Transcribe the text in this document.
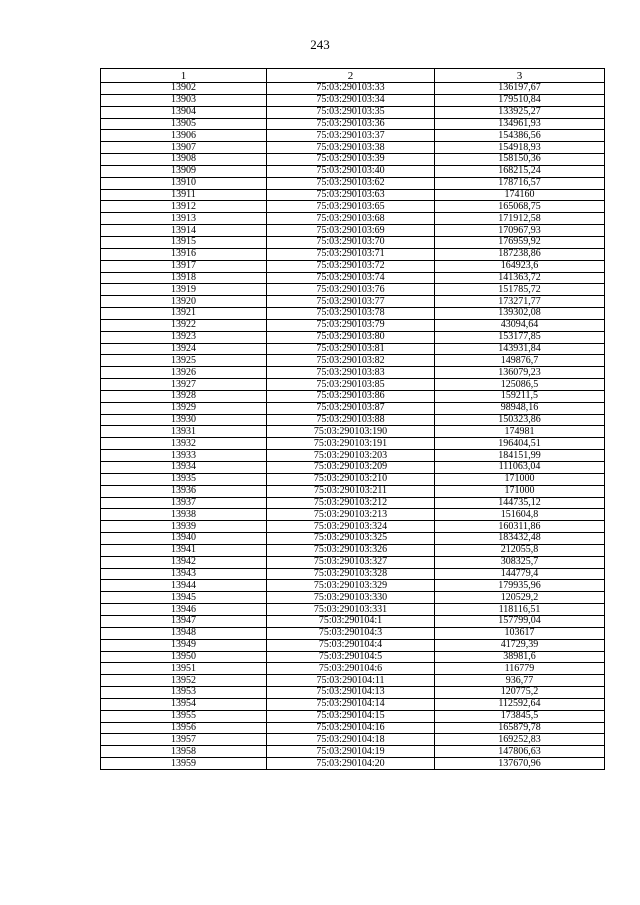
243
1	2	3
13902	75:03:290103:33	136197,67
13903	75:03:290103:34	179510,84
13904	75:03:290103:35	133925,27
13905	75:03:290103:36	134961,93
13906	75:03:290103:37	154386,56
13907	75:03:290103:38	154918,93
13908	75:03:290103:39	158150,36
13909	75:03:290103:40	168215,24
13910	75:03:290103:62	178716,57
13911	75:03:290103:63	174160
13912	75:03:290103:65	165068,75
13913	75:03:290103:68	171912,58
13914	75:03:290103:69	170967,93
13915	75:03:290103:70	176959,92
13916	75:03:290103:71	187238,86
13917	75:03:290103:72	164923,6
13918	75:03:290103:74	141363,72
13919	75:03:290103:76	151785,72
13920	75:03:290103:77	173271,77
13921	75:03:290103:78	139302,08
13922	75:03:290103:79	43094,64
13923	75:03:290103:80	153177,85
13924	75:03:290103:81	143931,84
13925	75:03:290103:82	149876,7
13926	75:03:290103:83	136079,23
13927	75:03:290103:85	125086,5
13928	75:03:290103:86	159211,5
13929	75:03:290103:87	98948,16
13930	75:03:290103:88	150323,86
13931	75:03:290103:190	174981
13932	75:03:290103:191	196404,51
13933	75:03:290103:203	184151,99
13934	75:03:290103:209	111063,04
13935	75:03:290103:210	171000
13936	75:03:290103:211	171000
13937	75:03:290103:212	144735,12
13938	75:03:290103:213	151604,8
13939	75:03:290103:324	160311,86
13940	75:03:290103:325	183432,48
13941	75:03:290103:326	212055,8
13942	75:03:290103:327	308325,7
13943	75:03:290103:328	144779,4
13944	75:03:290103:329	179935,96
13945	75:03:290103:330	120529,2
13946	75:03:290103:331	118116,51
13947	75:03:290104:1	157799,04
13948	75:03:290104:3	103617
13949	75:03:290104:4	41729,39
13950	75:03:290104:5	38981,6
13951	75:03:290104:6	116779
13952	75:03:290104:11	936,77
13953	75:03:290104:13	120775,2
13954	75:03:290104:14	112592,64
13955	75:03:290104:15	173845,5
13956	75:03:290104:16	165879,78
13957	75:03:290104:18	169252,83
13958	75:03:290104:19	147806,63
13959	75:03:290104:20	137670,96
